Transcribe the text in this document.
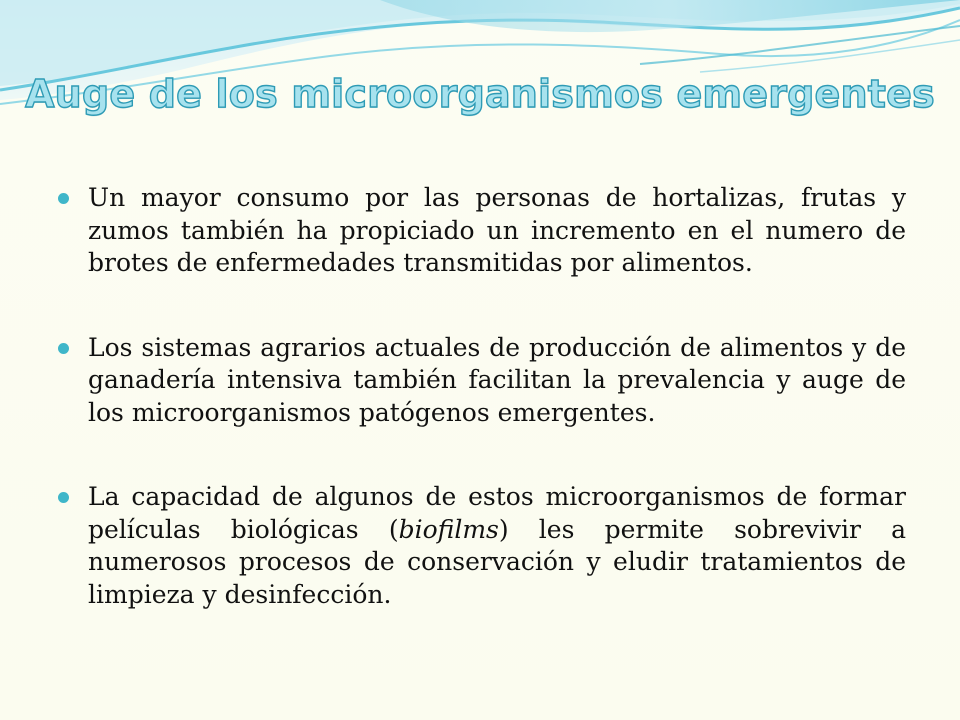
Auge de los microorganismos emergentes
Un mayor consumo por las personas de hortalizas, frutas y zumos también ha propiciado un incremento en el numero de brotes de enfermedades transmitidas por alimentos.
Los sistemas agrarios actuales de producción de alimentos y de ganadería intensiva también facilitan la prevalencia y auge de los microorganismos patógenos emergentes.
La capacidad de algunos de estos microorganismos de formar películas biológicas (biofilms) les permite sobrevivir a numerosos procesos de conservación y eludir tratamientos de limpieza y desinfección.
